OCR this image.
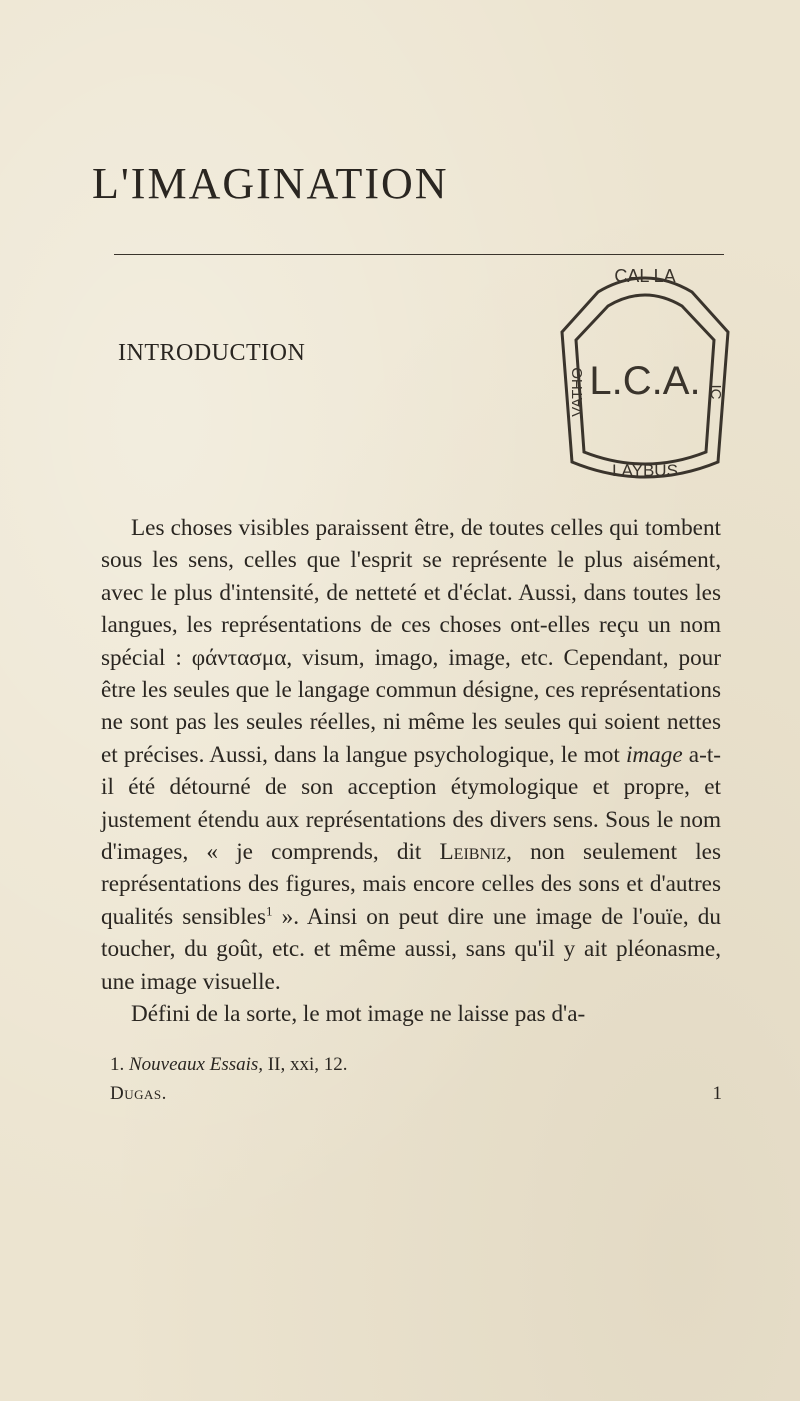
L'IMAGINATION
INTRODUCTION
CAL LA
VATHO	IC
L.C.A.
LAYBUS

Les choses visibles paraissent être, de toutes celles qui tombent sous les sens, celles que l'esprit se représente le plus aisément, avec le plus d'intensité, de netteté et d'éclat. Aussi, dans toutes les langues, les représentations de ces choses ont-elles reçu un nom spécial : φάντασμα, visum, imago, image, etc. Cependant, pour être les seules que le langage commun désigne, ces représentations ne sont pas les seules réelles, ni même les seules qui soient nettes et précises. Aussi, dans la langue psychologique, le mot image a-t-il été détourné de son acception étymologique et propre, et justement étendu aux représentations des divers sens. Sous le nom d'images, « je comprends, dit Leibniz, non seulement les représentations des figures, mais encore celles des sons et d'autres qualités sensibles$^1$ ». Ainsi on peut dire une image de l'ouïe, du toucher, du goût, etc. et même aussi, sans qu'il y ait pléonasme, une image visuelle.

Défini de la sorte, le mot image ne laisse pas d'a-

1. Nouveaux Essais, II, xxi, 12.

Dugas.	1
